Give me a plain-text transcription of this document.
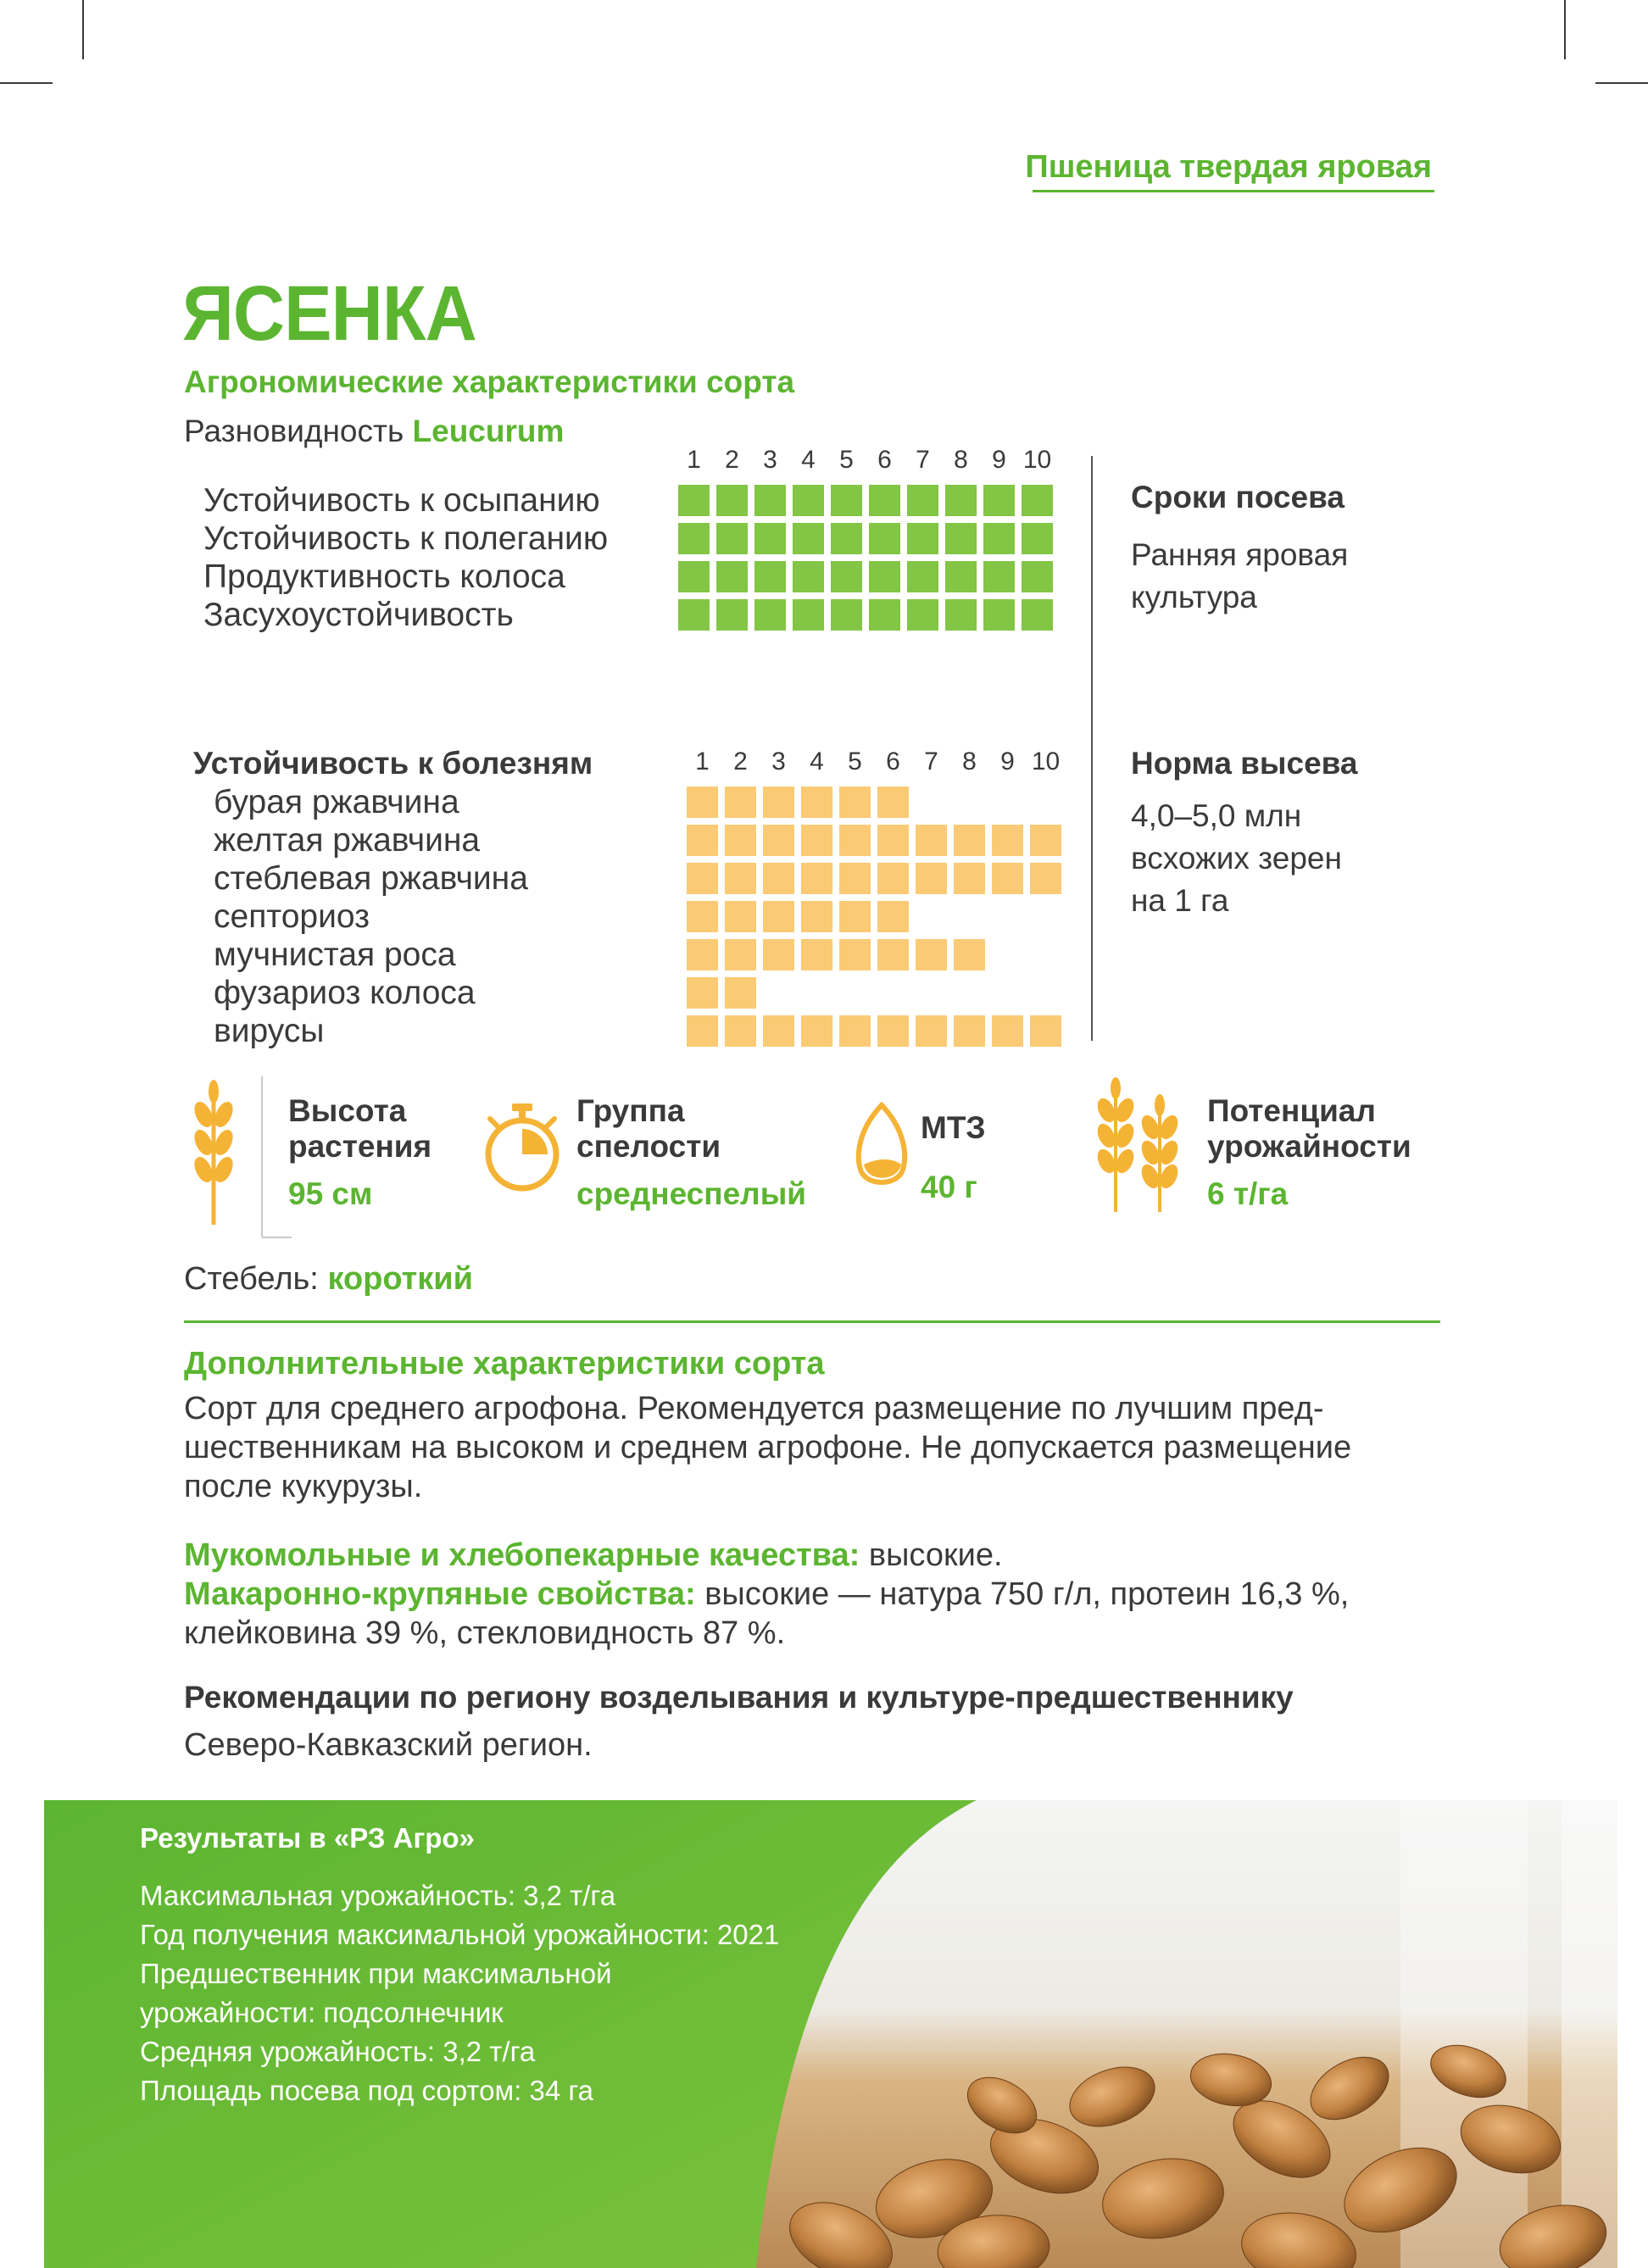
Пшеница твердая яровая
ЯСЕНКА
Агрономические характеристики сорта
Разновидность Leucurum
1 2 3 4 5 6 7 8 9 10
Устойчивость к осыпанию
Устойчивость к полеганию
Продуктивность колоса
Засухоустойчивость
Сроки посева
Ранняя яровая
культура
Устойчивость к болезням	1 2 3 4 5 6 7 8 9 10
бурая ржавчина
желтая ржавчина
стеблевая ржавчина
септориоз
мучнистая роса
фузариоз колоса
вирусы
Норма высева
4,0–5,0 млн
всхожих зерен
на 1 га
Высота
растения
95 см
Группа
спелости
среднеспелый
МТЗ
40 г
Потенциал
урожайности
6 т/га
Стебель: короткий
Дополнительные характеристики сорта
Сорт для среднего агрофона. Рекомендуется размещение по лучшим пред-
шественникам на высоком и среднем агрофоне. Не допускается размещение
после кукурузы.
Мукомольные и хлебопекарные качества: высокие.
Макаронно-крупяные свойства: высокие — натура 750 г/л, протеин 16,3 %,
клейковина 39 %, стекловидность 87 %.
Рекомендации по региону возделывания и культуре-предшественнику
Северо-Кавказский регион.
Результаты в «РЗ Агро»
Максимальная урожайность: 3,2 т/га
Год получения максимальной урожайности: 2021
Предшественник при максимальной
урожайности: подсолнечник
Средняя урожайность: 3,2 т/га
Площадь посева под сортом: 34 га
